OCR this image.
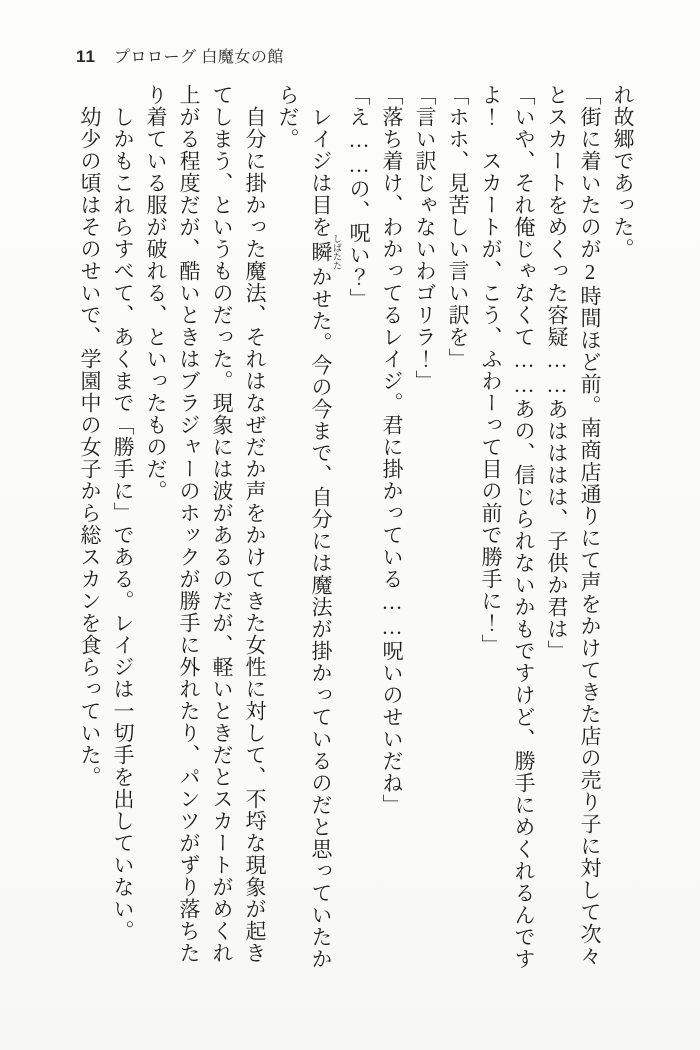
11 プロローグ 白魔女の館
れ故郷であった。
「街に着いたのが2時間ほど前。南商店通りにて声をかけてきた店の売り子に対して次々
とスカートをめくった容疑……あはははは、子供か君は」
「いや、それ俺じゃなくて……あの、信じられないかもですけど、勝手にめくれるんです
よ！　スカートが、こう、ふわーって目の前で勝手に！」
「ホホ、見苦しい言い訳を」
「言い訳じゃないわゴリラ！」
「落ち着け、わかってるレイジ。君に掛かっている……呪いのせいだね」
「え……の、呪い？」
レイジは目を瞬 しばたたかせた。今の今まで、自分には魔法が掛かっているのだと思っていたか
らだ。
自分に掛かった魔法、それはなぜだか声をかけてきた女性に対して、不埒な現象が起き
てしまう、というものだった。現象には波があるのだが、軽いときだとスカートがめくれ
上がる程度だが、酷いときはブラジャーのホックが勝手に外れたり、パンツがずり落ちた
り着ている服が破れる、といったものだ。
しかもこれらすべて、あくまで「勝手に」である。レイジは一切手を出していない。
幼少の頃はそのせいで、学園中の女子から総スカンを食らっていた。
